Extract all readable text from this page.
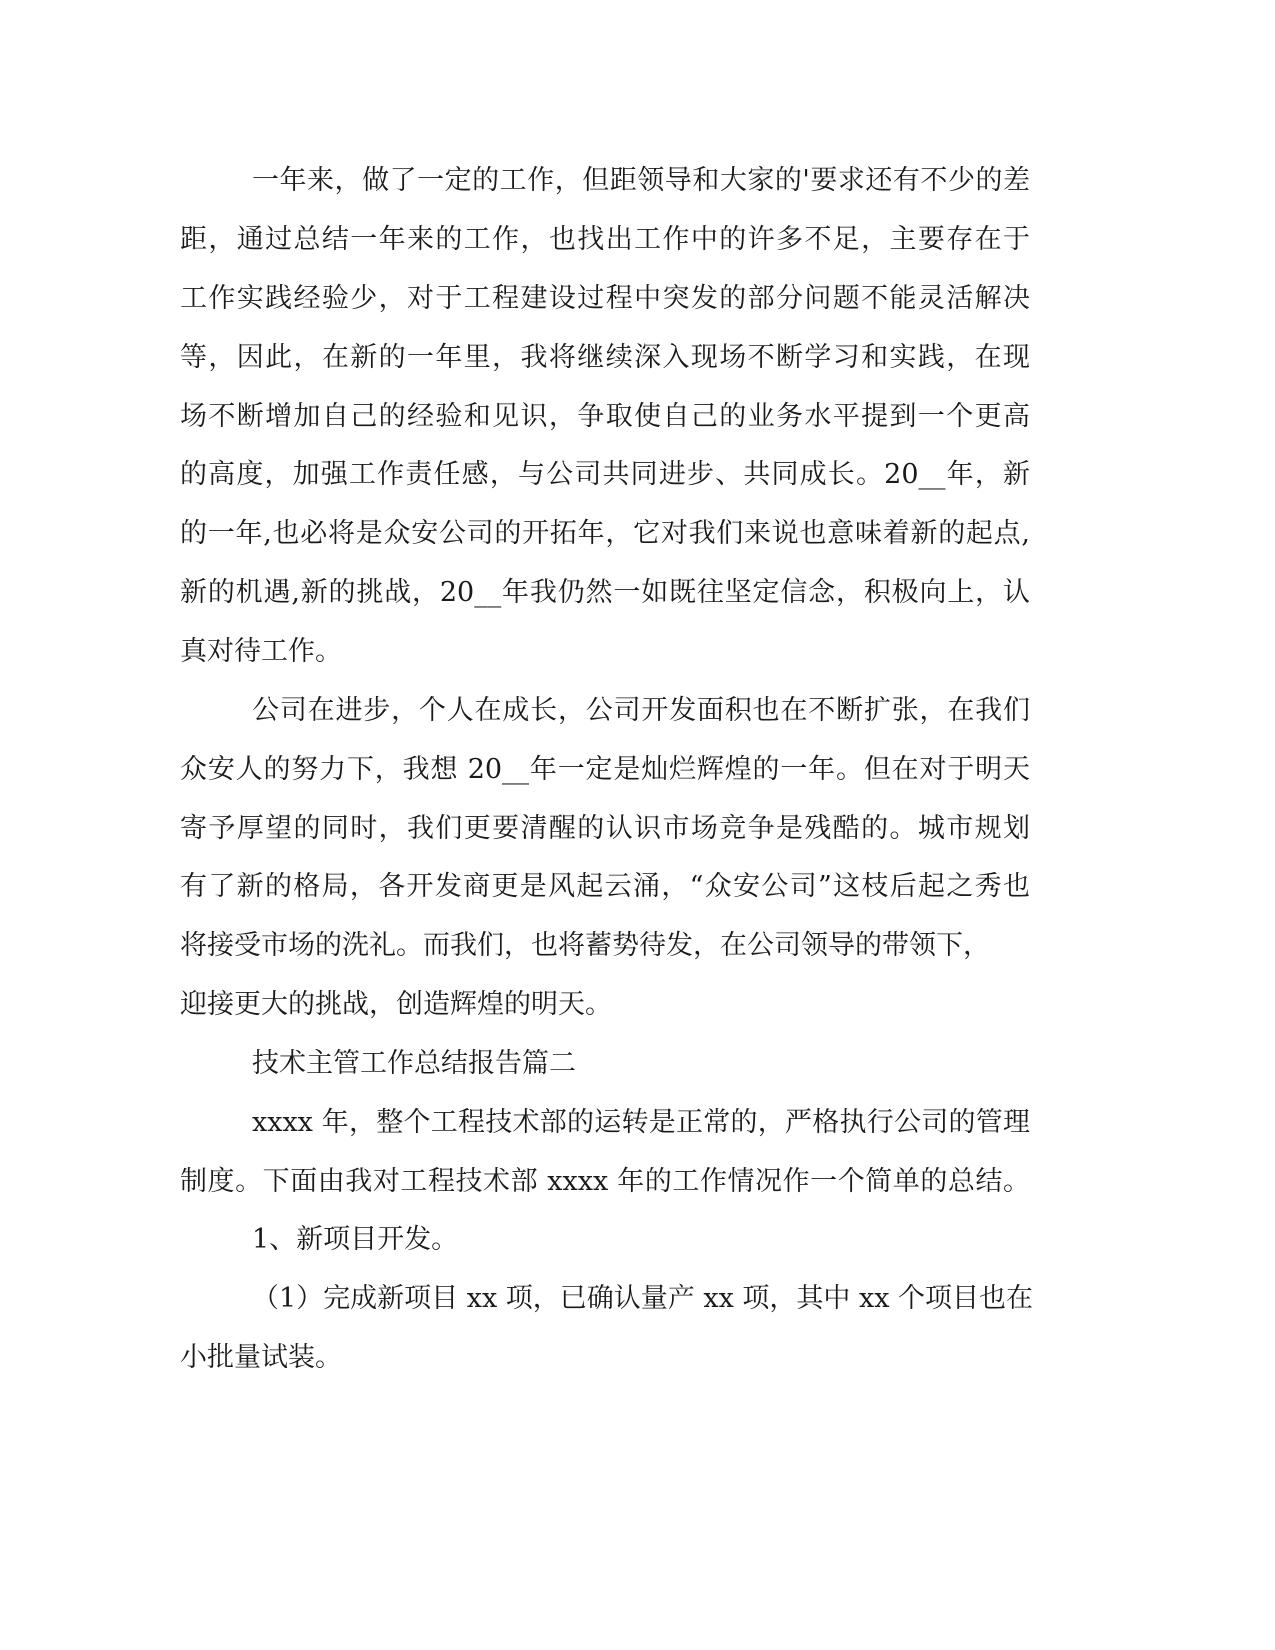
一年来，做了一定的工作，但距领导和大家的'要求还有不少的差
距，通过总结一年来的工作，也找出工作中的许多不足，主要存在于
工作实践经验少，对于工程建设过程中突发的部分问题不能灵活解决
等，因此，在新的一年里，我将继续深入现场不断学习和实践，在现
场不断增加自己的经验和见识，争取使自己的业务水平提到一个更高
的高度，加强工作责任感，与公司共同进步、共同成长。20__年，新
的一年,也必将是众安公司的开拓年，它对我们来说也意味着新的起点,
新的机遇,新的挑战，20__年我仍然一如既往坚定信念，积极向上，认
真对待工作。
公司在进步，个人在成长，公司开发面积也在不断扩张，在我们
众安人的努力下，我想 20__年一定是灿烂辉煌的一年。但在对于明天
寄予厚望的同时，我们更要清醒的认识市场竞争是残酷的。城市规划
有了新的格局，各开发商更是风起云涌，“众安公司”这枝后起之秀也
将接受市场的洗礼。而我们，也将蓄势待发，在公司领导的带领下，
迎接更大的挑战，创造辉煌的明天。
技术主管工作总结报告篇二
xxxx 年，整个工程技术部的运转是正常的，严格执行公司的管理
制度。下面由我对工程技术部 xxxx 年的工作情况作一个简单的总结。
1、新项目开发。
（1）完成新项目 xx 项，已确认量产 xx 项，其中 xx 个项目也在
小批量试装。
